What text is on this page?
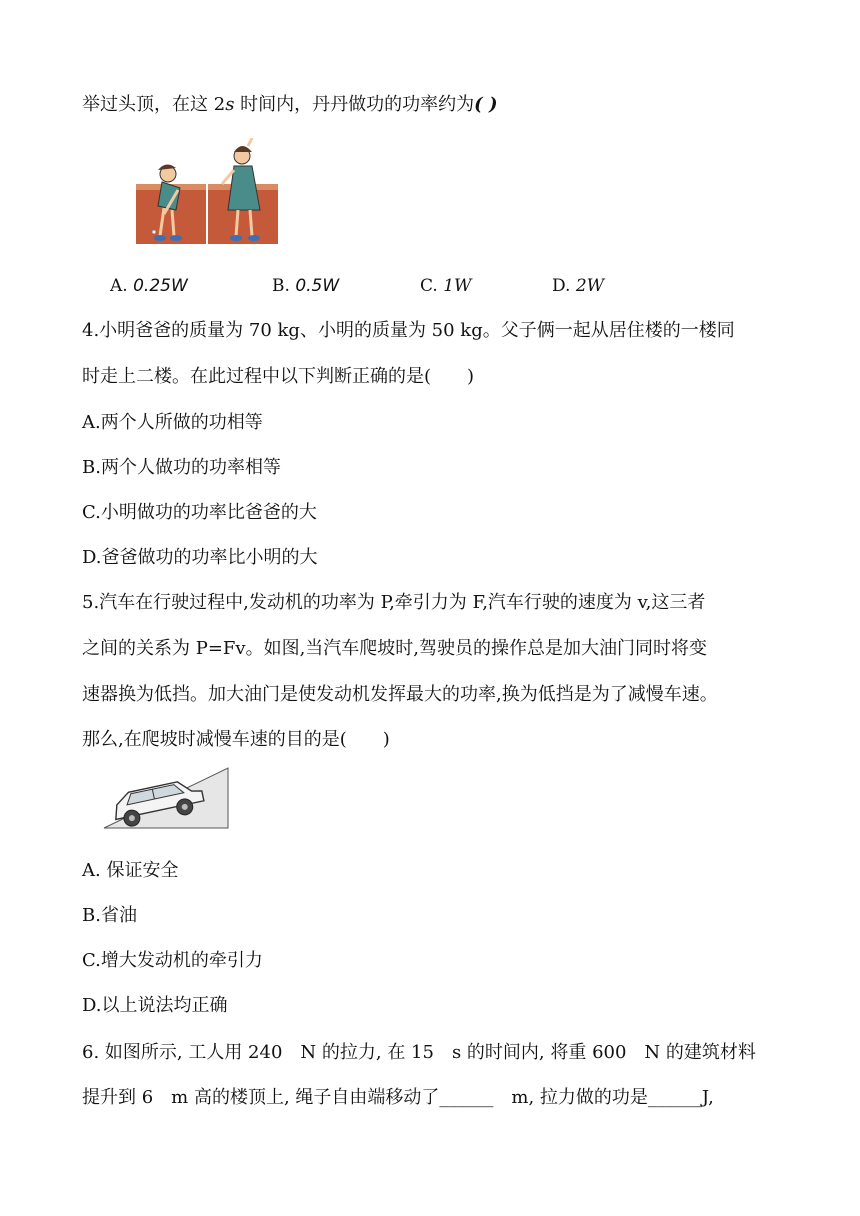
举过头顶，在这 2s 时间内，丹丹做功的功率约为( )
A. 0.25W	B. 0.5W	C. 1W	D. 2W
4.小明爸爸的质量为 70 kg、小明的质量为 50 kg。父子俩一起从居住楼的一楼同
时走上二楼。在此过程中以下判断正确的是(　　)
A.两个人所做的功相等
B.两个人做功的功率相等
C.小明做功的功率比爸爸的大
D.爸爸做功的功率比小明的大
5.汽车在行驶过程中,发动机的功率为 P,牵引力为 F,汽车行驶的速度为 v,这三者
之间的关系为 P=Fv。如图,当汽车爬坡时,驾驶员的操作总是加大油门同时将变
速器换为低挡。加大油门是使发动机发挥最大的功率,换为低挡是为了减慢车速。
那么,在爬坡时减慢车速的目的是(　　)
A. 保证安全
B.省油
C.增大发动机的牵引力
D.以上说法均正确
6. 如图所示, 工人用 240　N 的拉力, 在 15　s 的时间内, 将重 600　N 的建筑材料
提升到 6　m 高的楼顶上, 绳子自由端移动了______　m, 拉力做的功是______J,
